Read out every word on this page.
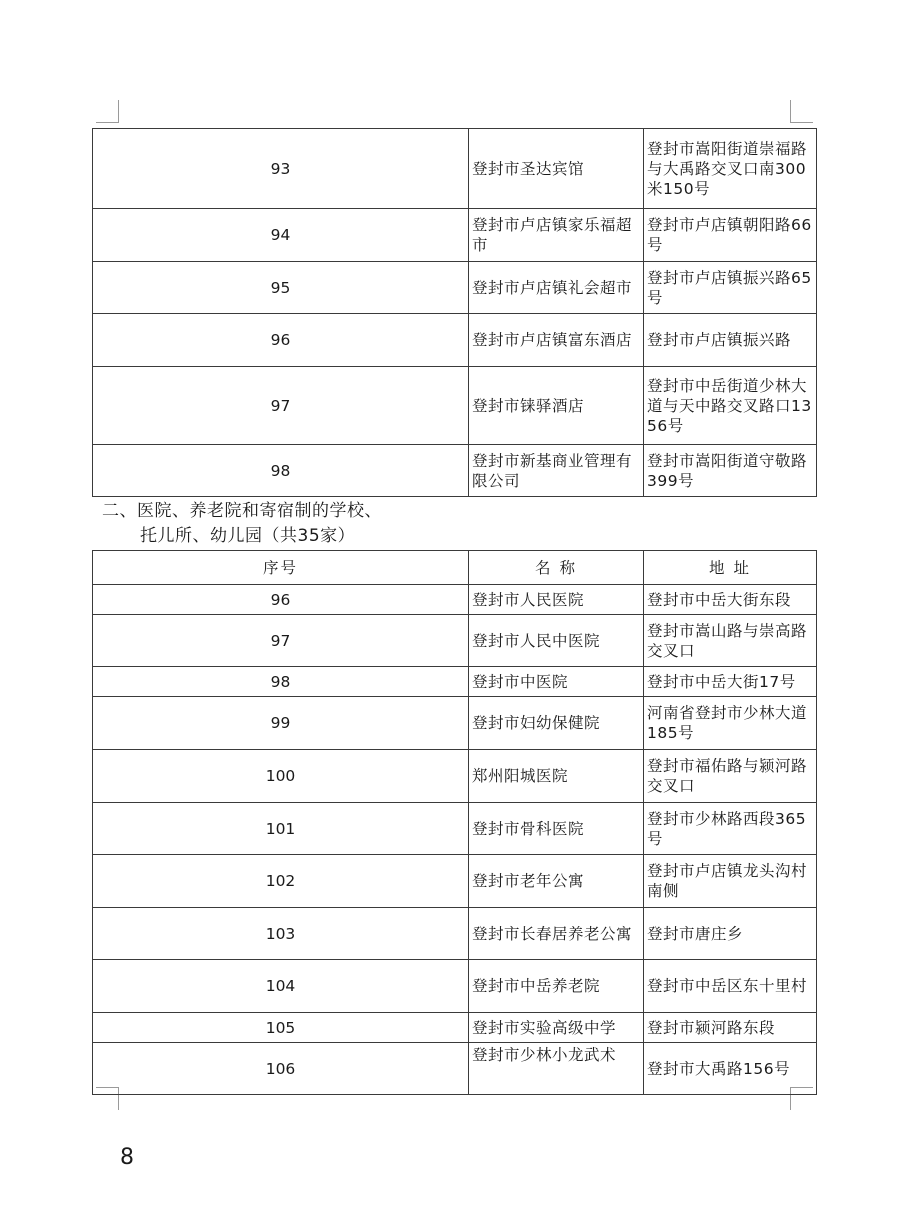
93	登封市圣达宾馆	登封市嵩阳街道崇福路与大禹路交叉口南300米150号
94	登封市卢店镇家乐福超市	登封市卢店镇朝阳路66号
95	登封市卢店镇礼会超市	登封市卢店镇振兴路65号
96	登封市卢店镇富东酒店	登封市卢店镇振兴路
97	登封市铼驿酒店	登封市中岳街道少林大道与天中路交叉路口1356号
98	登封市新基商业管理有限公司	登封市嵩阳街道守敬路399号
二、医院、养老院和寄宿制的学校、
托儿所、幼儿园（共35家）
序号	名 称	地 址
96	登封市人民医院	登封市中岳大街东段
97	登封市人民中医院	登封市嵩山路与崇高路交叉口
98	登封市中医院	登封市中岳大街17号
99	登封市妇幼保健院	河南省登封市少林大道185号
100	郑州阳城医院	登封市福佑路与颍河路交叉口
101	登封市骨科医院	登封市少林路西段365号
102	登封市老年公寓	登封市卢店镇龙头沟村南侧
103	登封市长春居养老公寓	登封市唐庄乡
104	登封市中岳养老院	登封市中岳区东十里村
105	登封市实验高级中学	登封市颍河路东段
106	登封市少林小龙武术	登封市大禹路156号
8
